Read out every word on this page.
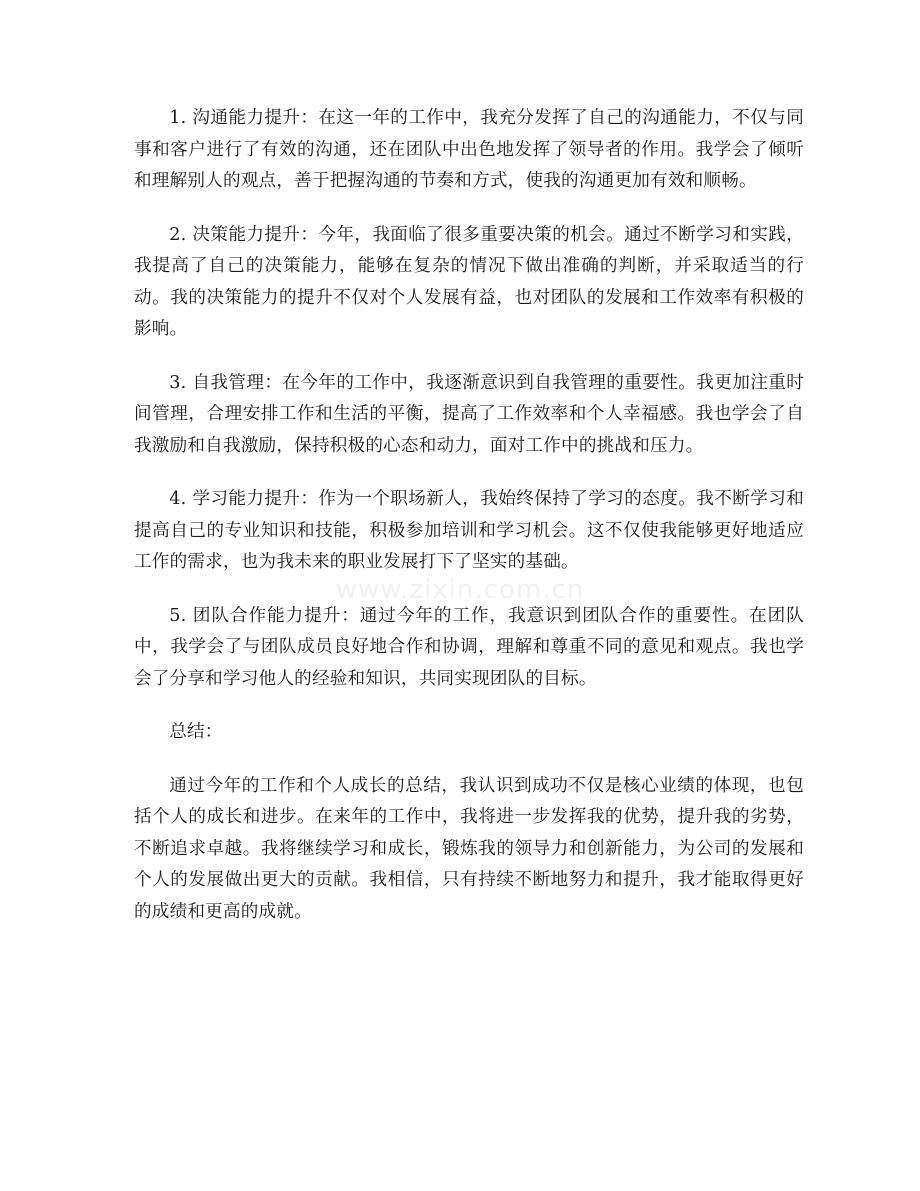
www.zixin.com.cn

1. 沟通能力提升：在这一年的工作中，我充分发挥了自己的沟通能力，不仅与同事和客户进行了有效的沟通，还在团队中出色地发挥了领导者的作用。我学会了倾听和理解别人的观点，善于把握沟通的节奏和方式，使我的沟通更加有效和顺畅。

2. 决策能力提升：今年，我面临了很多重要决策的机会。通过不断学习和实践，我提高了自己的决策能力，能够在复杂的情况下做出准确的判断，并采取适当的行动。我的决策能力的提升不仅对个人发展有益，也对团队的发展和工作效率有积极的影响。

3. 自我管理：在今年的工作中，我逐渐意识到自我管理的重要性。我更加注重时间管理，合理安排工作和生活的平衡，提高了工作效率和个人幸福感。我也学会了自我激励和自我激励，保持积极的心态和动力，面对工作中的挑战和压力。

4. 学习能力提升：作为一个职场新人，我始终保持了学习的态度。我不断学习和提高自己的专业知识和技能，积极参加培训和学习机会。这不仅使我能够更好地适应工作的需求，也为我未来的职业发展打下了坚实的基础。

5. 团队合作能力提升：通过今年的工作，我意识到团队合作的重要性。在团队中，我学会了与团队成员良好地合作和协调，理解和尊重不同的意见和观点。我也学会了分享和学习他人的经验和知识，共同实现团队的目标。

总结：

通过今年的工作和个人成长的总结，我认识到成功不仅是核心业绩的体现，也包括个人的成长和进步。在来年的工作中，我将进一步发挥我的优势，提升我的劣势，不断追求卓越。我将继续学习和成长，锻炼我的领导力和创新能力，为公司的发展和个人的发展做出更大的贡献。我相信，只有持续不断地努力和提升，我才能取得更好的成绩和更高的成就。
